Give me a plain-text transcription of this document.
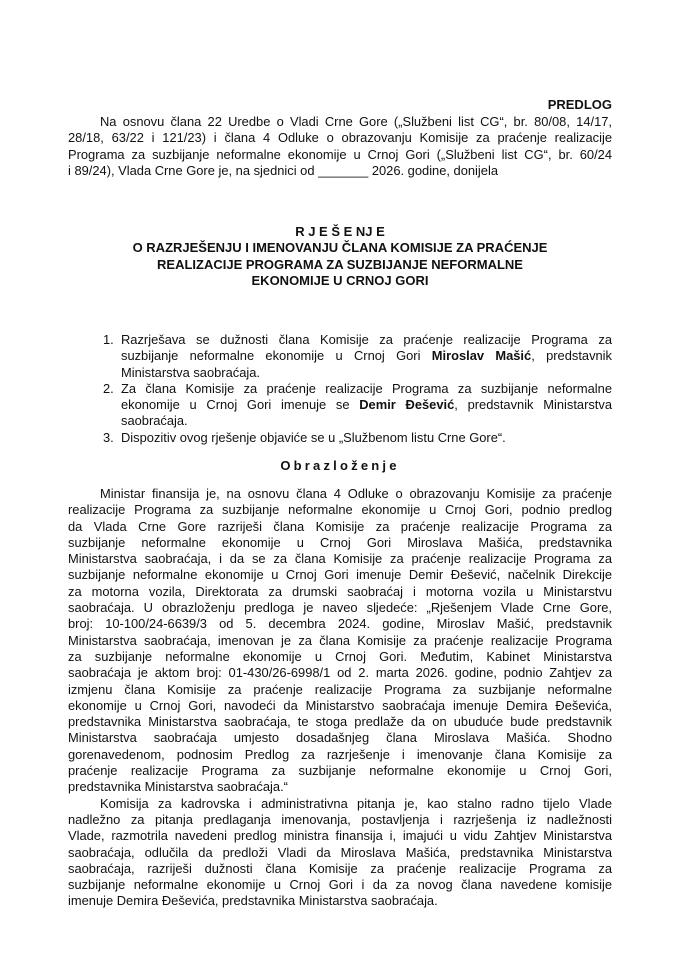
PREDLOG
Na osnovu člana 22 Uredbe o Vladi Crne Gore („Službeni list CG“, br. 80/08, 14/17,
28/18, 63/22 i 121/23) i člana 4 Odluke o obrazovanju Komisije za praćenje realizacije
Programa za suzbijanje neformalne ekonomije u Crnoj Gori („Službeni list CG“, br. 60/24
i 89/24), Vlada Crne Gore je, na sjednici od _______ 2026. godine, donijela
R J E Š E NJ E
O RAZRJEŠENJU I IMENOVANJU ČLANA KOMISIJE ZA PRAĆENJE
REALIZACIJE PROGRAMA ZA SUZBIJANJE NEFORMALNE
EKONOMIJE U CRNOJ GORI
1. Razrješava se dužnosti člana Komisije za praćenje realizacije Programa za
suzbijanje neformalne ekonomije u Crnoj Gori Miroslav Mašić, predstavnik
Ministarstva saobraćaja.
2. Za člana Komisije za praćenje realizacije Programa za suzbijanje neformalne
ekonomije u Crnoj Gori imenuje se Demir Đešević, predstavnik Ministarstva
saobraćaja.
3. Dispozitiv ovog rješenje objaviće se u „Službenom listu Crne Gore“.
Obrazloženje
Ministar finansija je, na osnovu člana 4 Odluke o obrazovanju Komisije za praćenje
realizacije Programa za suzbijanje neformalne ekonomije u Crnoj Gori, podnio predlog
da Vlada Crne Gore razriješi člana Komisije za praćenje realizacije Programa za
suzbijanje neformalne ekonomije u Crnoj Gori Miroslava Mašića, predstavnika
Ministarstva saobraćaja, i da se za člana Komisije za praćenje realizacije Programa za
suzbijanje neformalne ekonomije u Crnoj Gori imenuje Demir Đešević, načelnik Direkcije
za motorna vozila, Direktorata za drumski saobraćaj i motorna vozila u Ministarstvu
saobraćaja. U obrazloženju predloga je naveo sljedeće: „Rješenjem Vlade Crne Gore,
broj: 10-100/24-6639/3 od 5. decembra 2024. godine, Miroslav Mašić, predstavnik
Ministarstva saobraćaja, imenovan je za člana Komisije za praćenje realizacije Programa
za suzbijanje neformalne ekonomije u Crnoj Gori. Međutim, Kabinet Ministarstva
saobraćaja je aktom broj: 01-430/26-6998/1 od 2. marta 2026. godine, podnio Zahtjev za
izmjenu člana Komisije za praćenje realizacije Programa za suzbijanje neformalne
ekonomije u Crnoj Gori, navodeći da Ministarstvo saobraćaja imenuje Demira Đeševića,
predstavnika Ministarstva saobraćaja, te stoga predlaže da on ubuduće bude predstavnik
Ministarstva saobraćaja umjesto dosadašnjeg člana Miroslava Mašića. Shodno
gorenavedenom, podnosim Predlog za razrješenje i imenovanje člana Komisije za
praćenje realizacije Programa za suzbijanje neformalne ekonomije u Crnoj Gori,
predstavnika Ministarstva saobraćaja.“
Komisija za kadrovska i administrativna pitanja je, kao stalno radno tijelo Vlade
nadležno za pitanja predlaganja imenovanja, postavljenja i razrješenja iz nadležnosti
Vlade, razmotrila navedeni predlog ministra finansija i, imajući u vidu Zahtjev Ministarstva
saobraćaja, odlučila da predloži Vladi da Miroslava Mašića, predstavnika Ministarstva
saobraćaja, razriješi dužnosti člana Komisije za praćenje realizacije Programa za
suzbijanje neformalne ekonomije u Crnoj Gori i da za novog člana navedene komisije
imenuje Demira Đeševića, predstavnika Ministarstva saobraćaja.
